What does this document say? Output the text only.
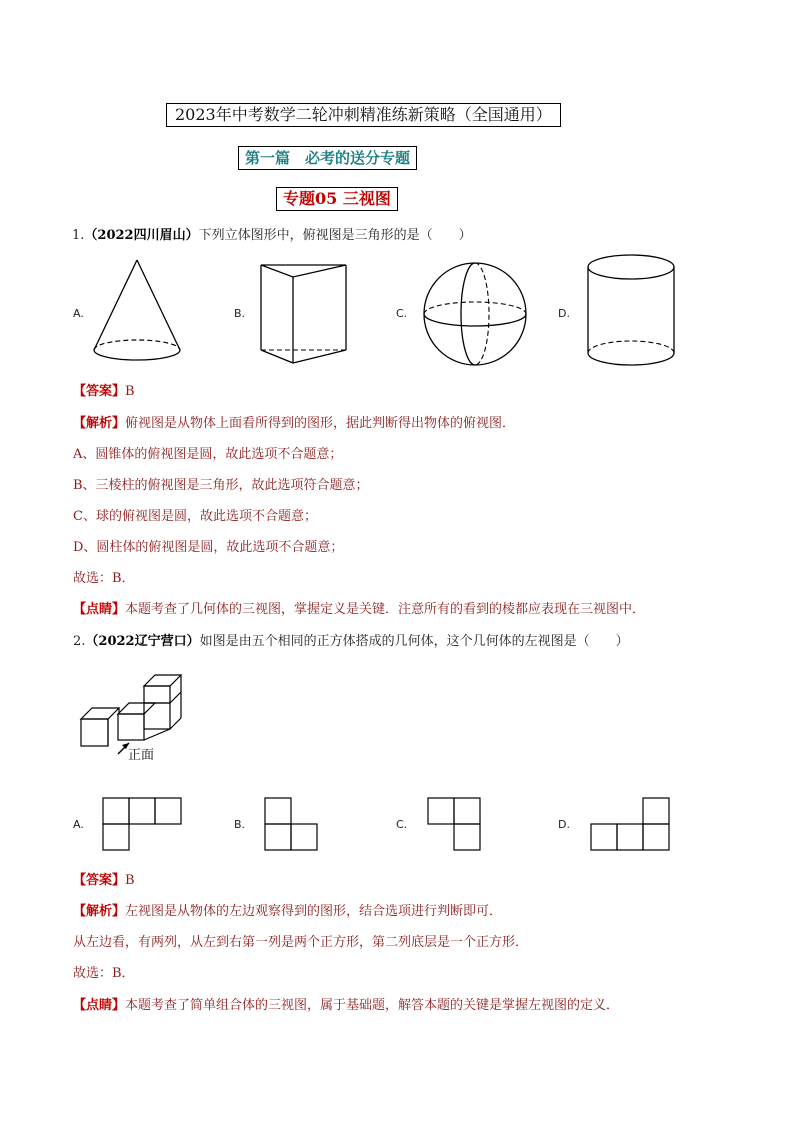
2023年中考数学二轮冲刺精准练新策略（全国通用）
第一篇　必考的送分专题
专题05 三视图
1.（2022四川眉山）下列立体图形中，俯视图是三角形的是（　　）
A.	B.	C.	D.
【答案】B
【解析】俯视图是从物体上面看所得到的图形，据此判断得出物体的俯视图．
A、圆锥体的俯视图是圆，故此选项不合题意；
B、三棱柱的俯视图是三角形，故此选项符合题意；
C、球的俯视图是圆，故此选项不合题意；
D、圆柱体的俯视图是圆，故此选项不合题意；
故选：B．
【点睛】本题考查了几何体的三视图，掌握定义是关键．注意所有的看到的棱都应表现在三视图中．
2.（2022辽宁营口）如图是由五个相同的正方体搭成的几何体，这个几何体的左视图是（　　）
正面
A.	B.	C.	D.
【答案】B
【解析】左视图是从物体的左边观察得到的图形，结合选项进行判断即可．
从左边看，有两列，从左到右第一列是两个正方形，第二列底层是一个正方形．
故选：B．
【点睛】本题考查了简单组合体的三视图，属于基础题，解答本题的关键是掌握左视图的定义．
